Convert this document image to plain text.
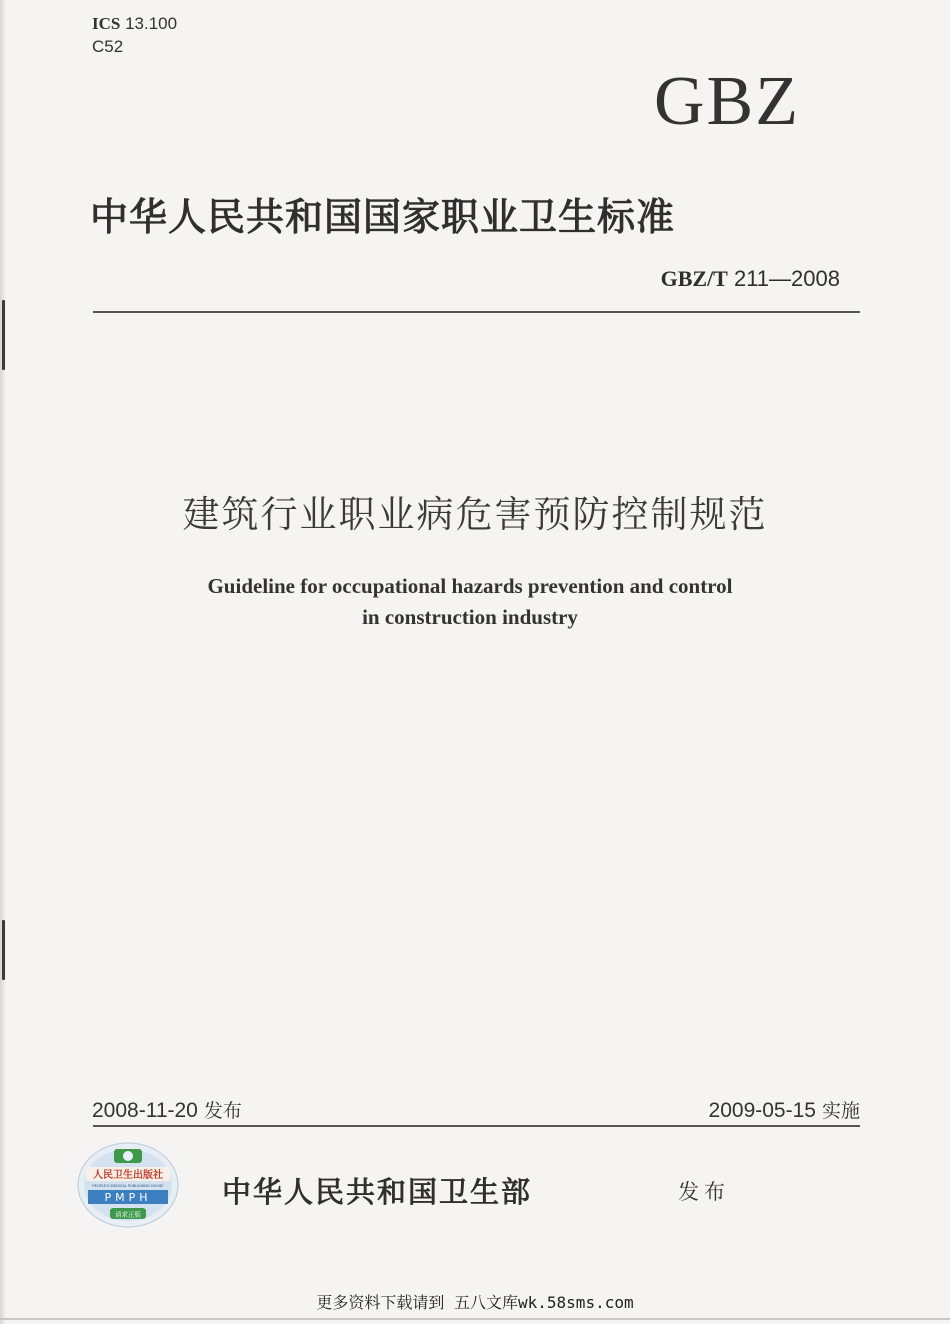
ICS 13.100
C52
GBZ
中华人民共和国国家职业卫生标准
GBZ/T 211—2008
建筑行业职业病危害预防控制规范
Guideline for occupational hazards prevention and control
in construction industry
2008-11-20 发布	2009-05-15 实施
人民卫生出版社
PEOPLE'S MEDICAL PUBLISHING HOUSE
PMPH
请求正版
中华人民共和国卫生部	发布
更多资料下载请到 五八文库wk.58sms.com
